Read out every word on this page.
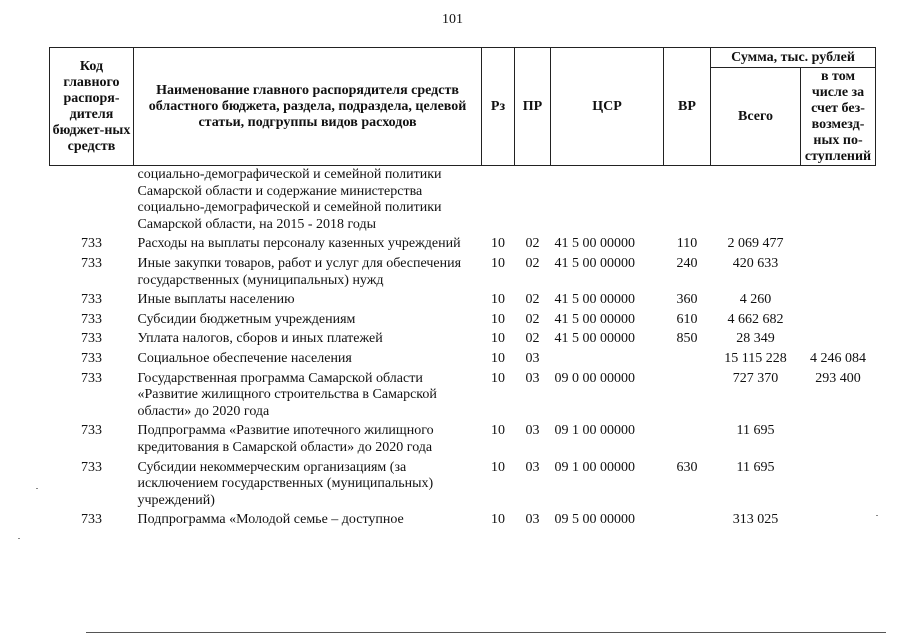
101
Код главного распоря-дителя бюджет-ных средств	Наименование главного распорядителя средств областного бюджета, раздела, подраздела, целевой статьи, подгруппы видов расходов	Рз	ПР	ЦСР	ВР	Сумма, тыс. рублей	
						Всего	в том числе за счет без-возмезд-ных по-ступлений
	социально-демографической и семейной политики Самарской области и содержание министерства социально-демографической и семейной политики Самарской области, на 2015 - 2018 годы						
733	Расходы на выплаты персоналу казенных учреждений	10	02	41 5 00 00000	110	2 069 477	
733	Иные закупки товаров, работ и услуг для обеспечения государственных (муниципальных) нужд	10	02	41 5 00 00000	240	420 633	
733	Иные выплаты населению	10	02	41 5 00 00000	360	4 260	
733	Субсидии бюджетным учреждениям	10	02	41 5 00 00000	610	4 662 682	
733	Уплата налогов, сборов и иных платежей	10	02	41 5 00 00000	850	28 349	
733	Социальное обеспечение населения	10	03			15 115 228	4 246 084
733	Государственная программа Самарской области «Развитие жилищного строительства в Самарской области» до 2020 года	10	03	09 0 00 00000		727 370	293 400
733	Подпрограмма «Развитие ипотечного жилищного кредитования в Самарской области» до 2020 года	10	03	09 1 00 00000		11 695	
733	Субсидии некоммерческим организациям (за исключением государственных (муниципальных) учреждений)	10	03	09 1 00 00000	630	11 695	
733	Подпрограмма «Молодой семье – доступное	10	03	09 5 00 00000		313 025	
